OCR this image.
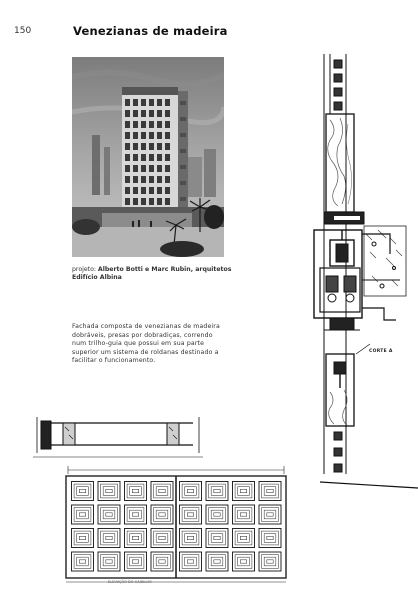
150	Venezianas de madeira
projeto: Alberto Botti e Marc Rubin, arquitetos
Edifício Albina
Fachada composta de venezianas de madeira dobráveis, presas por dobradiças, correndo num trilho-guia que possui em sua parte superior um sistema de roldanas destinado a facilitar o funcionamento.
CORTE A
ELEVAÇÃO DO CAIXILHO
